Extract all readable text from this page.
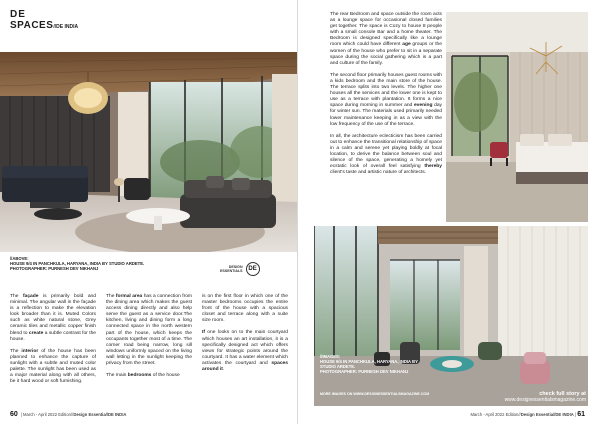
DE
SPACES//DE INDIA
//ABOVE:
HOUSE 9/4 IN PANCHKULA, HARYANA, INDIA BY STUDIO ARDETE.
PHOTOGRAPHER: PURNESH DEV NIKHANJ	DESIGN
ESSENTIALS DE

The façade is primarily bold and minimal. The angular wall in the façade is a reflection to make the elevation look broader than it is. Muted Colors such as white natural stone, Grey ceramic tiles and metallic copper finish blend to create a subtle contrast for the house.

The interior of the house has been planned to enhance the capture of sunlight with a subtle and muted color palette. The sunlight has been used as a major material along with all others, be it hard wood or soft furnishing.

The formal area has a connection from the dining area which makes the guest access dining directly and also help serve the guest as a service door.The kitchen, living and dining form a long connected space in the north western part of the house, which keeps the occupants together most of a time. The corner road being narrow, long sill windows uniformly spaced on the living wall letting in the sunlight keeping the privacy from the street.

The main bedrooms of the house

is on the first floor in which one of the master bedrooms occupies the entire front of the house with a spacious closet and terrace along with a suite size room.

If one looks on to the main courtyard which houses an art installation, it is a specifically designed act which offers views for strategic points around the courtyard. It has a water element which activates the courtyard and spaces around it.

60 | March - April 2022 Edition//Design Essentia//DE INDIA

The rear Bedroom and space outside the room acts as a lounge space for occasional closed families get together. The space is Cozy to house 8 people with a small console Bar and a home theater. The Bedroom is designed specifically like a lounge room which could have different age groups or the women of the house who prefer to sit in a separate space during the social gathering which is a part and culture of the family.

The second floor primarily houses guest rooms with a kids bedroom and the main store of the house. The terrace splits into two levels. The higher one houses all the services and the lower one is kept to use as a terrace with plantation. It forms a nice space during morning in summer and evening day for winter sun. The materials used primarily needed lower maintenance keeping in as a view with the low frequency of the use of the terrace.

In all, the architecture eclecticism has been carried out to enhance the transitional relationship of space in a calm and serene yet playing boldly at focal location, to derive the balance between soul and silence of the space, generating a homely yet ecstatic look of overall feel satisfying thereby client's taste and artistic nature of architects.

//IMAGES:
HOUSE 9/4 IN PANCHKULA, HARYANA, INDIA BY
STUDIO ARDETE.
PHOTOGRAPHER: PURNESH DEV NIKHANJ
MORE IMAGES ON WWW.DESIGNESSENTIALSMAGAZINE.COM	check full story at
www.designessentialsmagazine.com
March - April 2022 Edition//Design Essentia//DE INDIA | 61
